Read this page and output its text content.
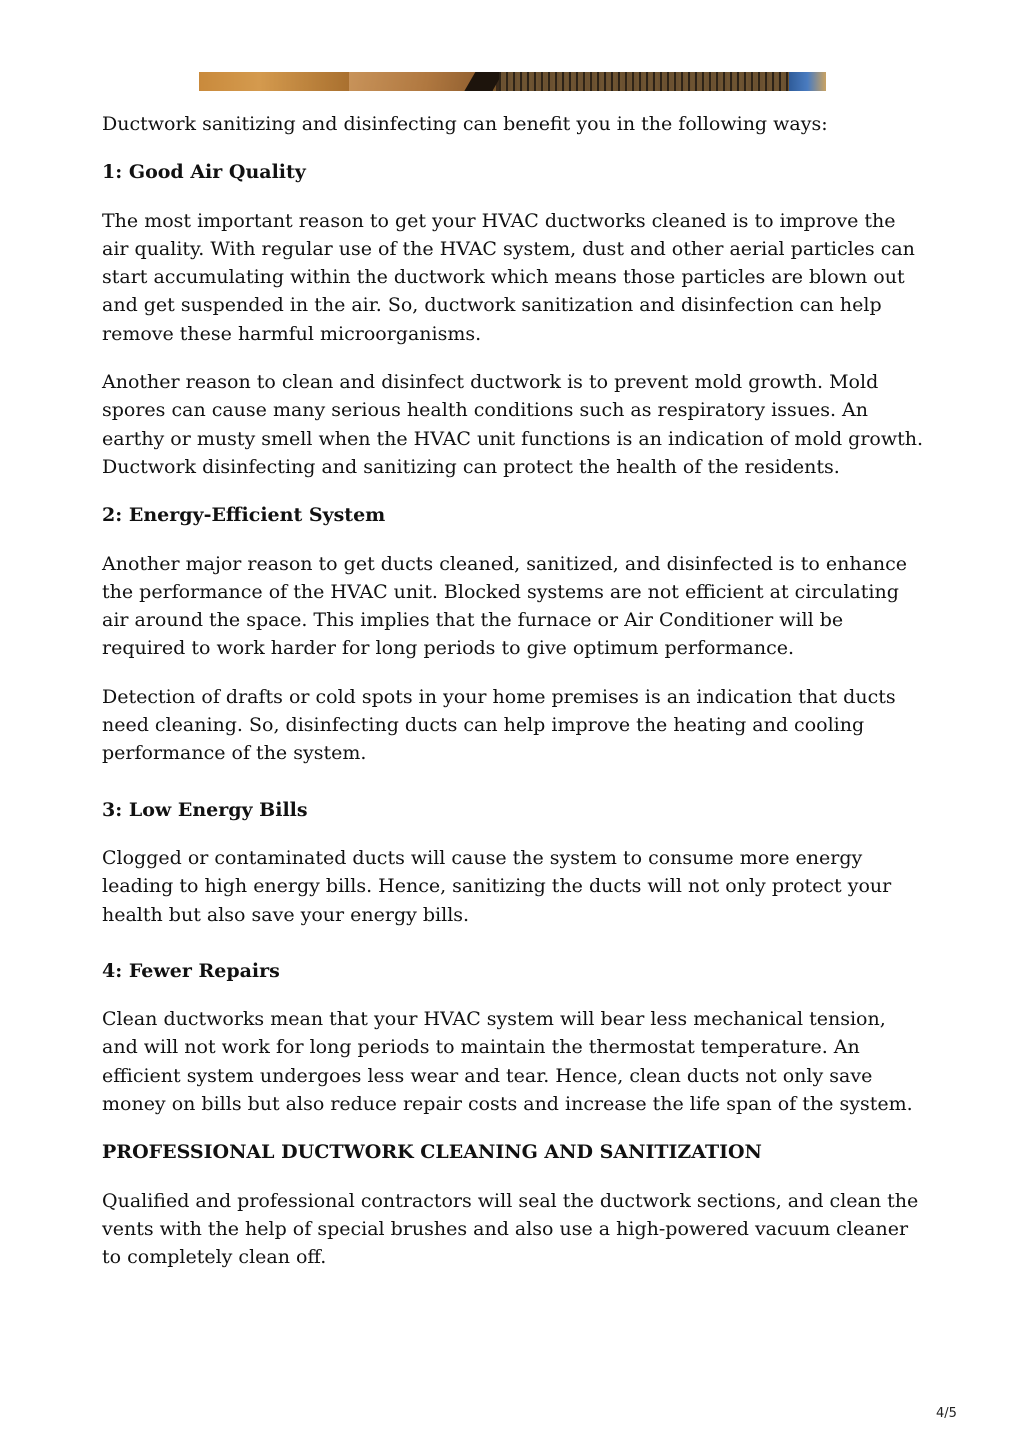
Ductwork sanitizing and disinfecting can benefit you in the following ways:

1: Good Air Quality

The most important reason to get your HVAC ductworks cleaned is to improve the air quality. With regular use of the HVAC system, dust and other aerial particles can start accumulating within the ductwork which means those particles are blown out and get suspended in the air. So, ductwork sanitization and disinfection can help remove these harmful microorganisms.

Another reason to clean and disinfect ductwork is to prevent mold growth. Mold spores can cause many serious health conditions such as respiratory issues. An earthy or musty smell when the HVAC unit functions is an indication of mold growth. Ductwork disinfecting and sanitizing can protect the health of the residents.

2: Energy-Efficient System

Another major reason to get ducts cleaned, sanitized, and disinfected is to enhance the performance of the HVAC unit. Blocked systems are not efficient at circulating air around the space. This implies that the furnace or Air Conditioner will be required to work harder for long periods to give optimum performance.

Detection of drafts or cold spots in your home premises is an indication that ducts need cleaning. So, disinfecting ducts can help improve the heating and cooling performance of the system.

3: Low Energy Bills

Clogged or contaminated ducts will cause the system to consume more energy leading to high energy bills. Hence, sanitizing the ducts will not only protect your health but also save your energy bills.

4: Fewer Repairs

Clean ductworks mean that your HVAC system will bear less mechanical tension, and will not work for long periods to maintain the thermostat temperature. An efficient system undergoes less wear and tear. Hence, clean ducts not only save money on bills but also reduce repair costs and increase the life span of the system.

PROFESSIONAL DUCTWORK CLEANING AND SANITIZATION

Qualified and professional contractors will seal the ductwork sections, and clean the vents with the help of special brushes and also use a high-powered vacuum cleaner to completely clean off.

4/5
